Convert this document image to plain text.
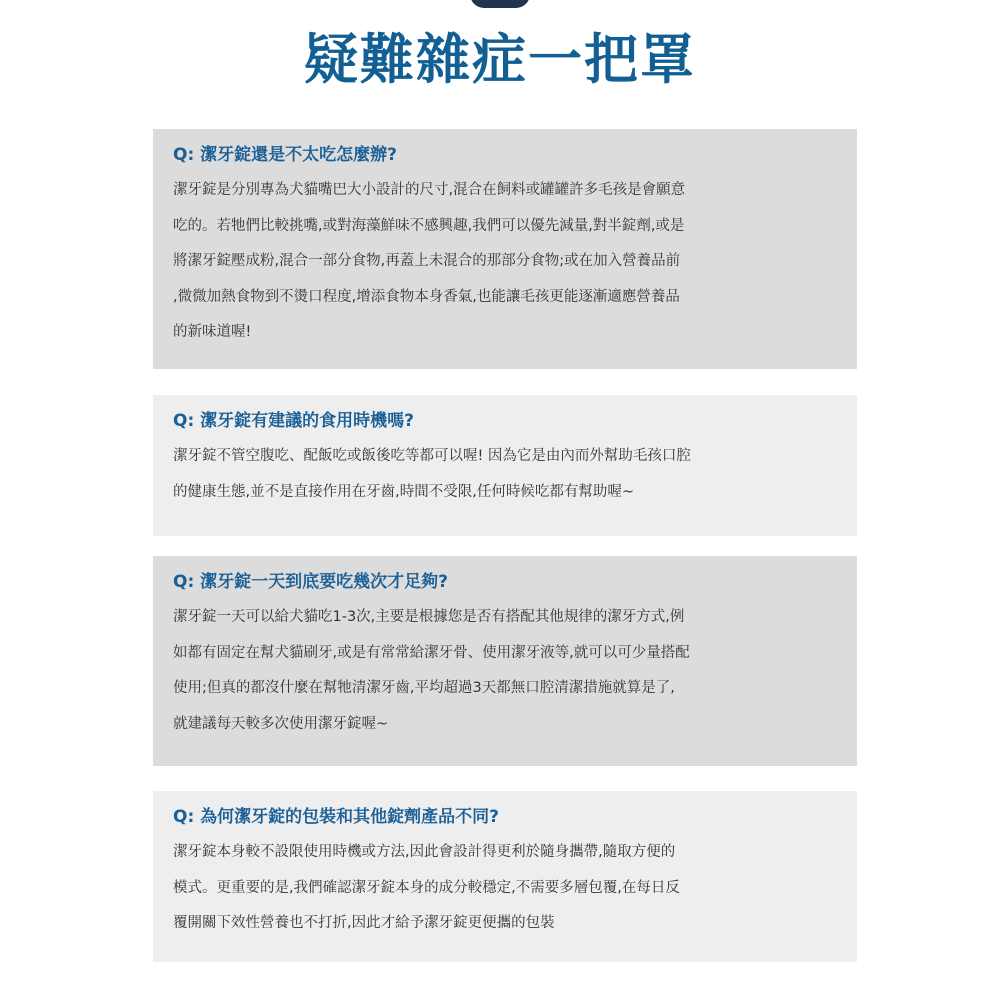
疑難雜症一把罩
Q: 潔牙錠還是不太吃怎麼辦?

潔牙錠是分別專為犬貓嘴巴大小設計的尺寸,混合在飼料或罐罐許多毛孩是會願意
吃的。若牠們比較挑嘴,或對海藻鮮味不感興趣,我們可以優先減量,對半錠劑,或是
將潔牙錠壓成粉,混合一部分食物,再蓋上未混合的那部分食物;或在加入營養品前
,微微加熱食物到不燙口程度,增添食物本身香氣,也能讓毛孩更能逐漸適應營養品
的新味道喔!

Q: 潔牙錠有建議的食用時機嗎?

潔牙錠不管空腹吃、配飯吃或飯後吃等都可以喔! 因為它是由內而外幫助毛孩口腔
的健康生態,並不是直接作用在牙齒,時間不受限,任何時候吃都有幫助喔~

Q: 潔牙錠一天到底要吃幾次才足夠?

潔牙錠一天可以給犬貓吃1-3次,主要是根據您是否有搭配其他規律的潔牙方式,例
如都有固定在幫犬貓刷牙,或是有常常給潔牙骨、使用潔牙液等,就可以可少量搭配
使用;但真的都沒什麼在幫牠清潔牙齒,平均超過3天都無口腔清潔措施就算是了,
就建議每天較多次使用潔牙錠喔~

Q: 為何潔牙錠的包裝和其他錠劑產品不同?

潔牙錠本身較不設限使用時機或方法,因此會設計得更利於隨身攜帶,隨取方便的
模式。更重要的是,我們確認潔牙錠本身的成分較穩定,不需要多層包覆,在每日反
覆開關下效性營養也不打折,因此才給予潔牙錠更便攜的包裝
